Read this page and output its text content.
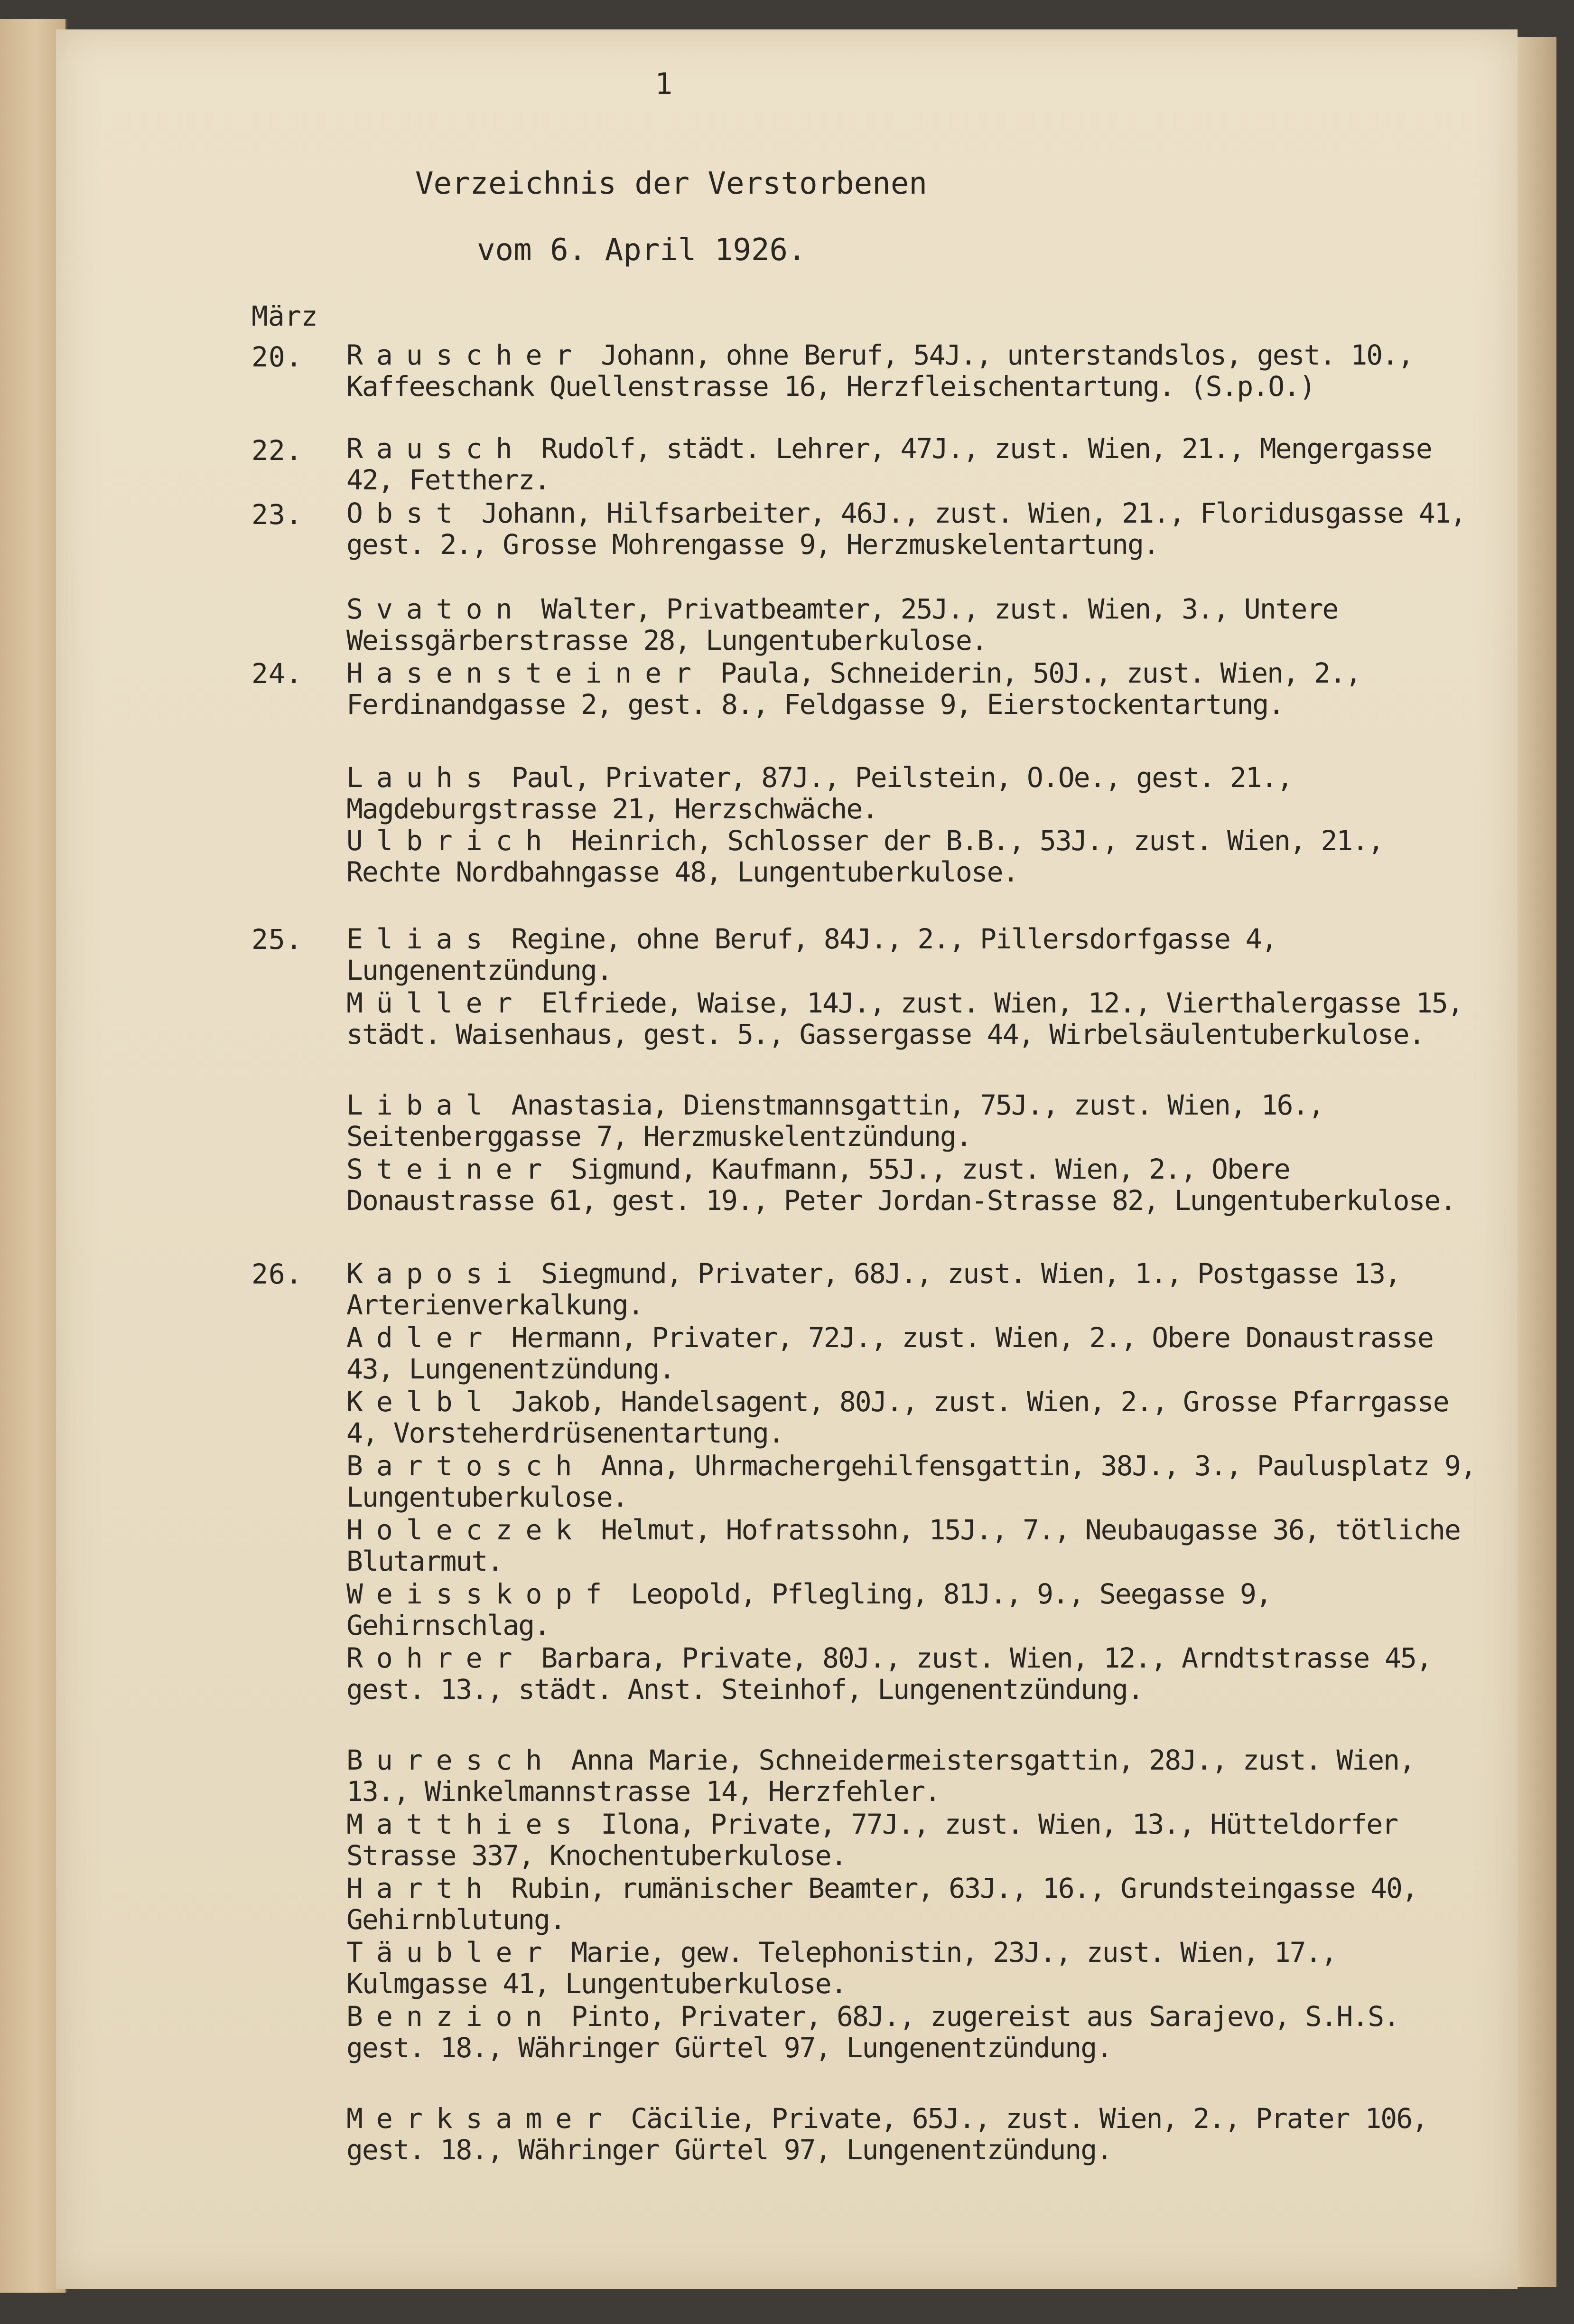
1
Verzeichnis der Verstorbenen
vom 6. April 1926.
März
20.
22.
23.
24.
25.
26.
Rauscher Johann, ohne Beruf, 54J., unterstandslos, gest. 10., Kaffeeschank Quellenstrasse 16, Herzfleischentartung. (S.p.O.)
Rausch Rudolf, städt. Lehrer, 47J., zust. Wien, 21., Mengergasse 42, Fettherz.
Obst Johann, Hilfsarbeiter, 46J., zust. Wien, 21., Floridusgasse 41, gest. 2., Grosse Mohrengasse 9, Herzmuskelentartung.
Svaton Walter, Privatbeamter, 25J., zust. Wien, 3., Untere Weissgärberstrasse 28, Lungentuberkulose.
Hasensteiner Paula, Schneiderin, 50J., zust. Wien, 2., Ferdinandgasse 2, gest. 8., Feldgasse 9, Eierstockentartung.
Lauhs Paul, Privater, 87J., Peilstein, O.Oe., gest. 21., Magdeburgstrasse 21, Herzschwäche.
Ulbrich Heinrich, Schlosser der B.B., 53J., zust. Wien, 21., Rechte Nordbahngasse 48, Lungentuberkulose.
Elias Regine, ohne Beruf, 84J., 2., Pillersdorfgasse 4, Lungenentzündung.
Müller Elfriede, Waise, 14J., zust. Wien, 12., Vierthalergasse 15, städt. Waisenhaus, gest. 5., Gassergasse 44, Wirbelsäulentuberkulose.
Libal Anastasia, Dienstmannsgattin, 75J., zust. Wien, 16., Seitenberggasse 7, Herzmuskelentzündung.
Steiner Sigmund, Kaufmann, 55J., zust. Wien, 2., Obere Donaustrasse 61, gest. 19., Peter Jordan-Strasse 82, Lungentuberkulose.
Kaposi Siegmund, Privater, 68J., zust. Wien, 1., Postgasse 13, Arterienverkalkung.
Adler Hermann, Privater, 72J., zust. Wien, 2., Obere Donaustrasse 43, Lungenentzündung.
Kelbl Jakob, Handelsagent, 80J., zust. Wien, 2., Grosse Pfarrgasse 4, Vorsteherdrüsenentartung.
Bartosch Anna, Uhrmachergehilfensgattin, 38J., 3., Paulusplatz 9, Lungentuberkulose.
Holeczek Helmut, Hofratssohn, 15J., 7., Neubaugasse 36, tötliche Blutarmut.
Weisskopf Leopold, Pflegling, 81J., 9., Seegasse 9, Gehirnschlag.
Rohrer Barbara, Private, 80J., zust. Wien, 12., Arndtstrasse 45, gest. 13., städt. Anst. Steinhof, Lungenentzündung.
Buresch Anna Marie, Schneidermeistersgattin, 28J., zust. Wien, 13., Winkelmannstrasse 14, Herzfehler.
Matthies Ilona, Private, 77J., zust. Wien, 13., Hütteldorfer Strasse 337, Knochentuberkulose.
Harth Rubin, rumänischer Beamter, 63J., 16., Grundsteingasse 40, Gehirnblutung.
Täubler Marie, gew. Telephonistin, 23J., zust. Wien, 17., Kulmgasse 41, Lungentuberkulose.
Benzion Pinto, Privater, 68J., zugereist aus Sarajevo, S.H.S. gest. 18., Währinger Gürtel 97, Lungenentzündung.
Merksamer Cäcilie, Private, 65J., zust. Wien, 2., Prater 106, gest. 18., Währinger Gürtel 97, Lungenentzündung.
